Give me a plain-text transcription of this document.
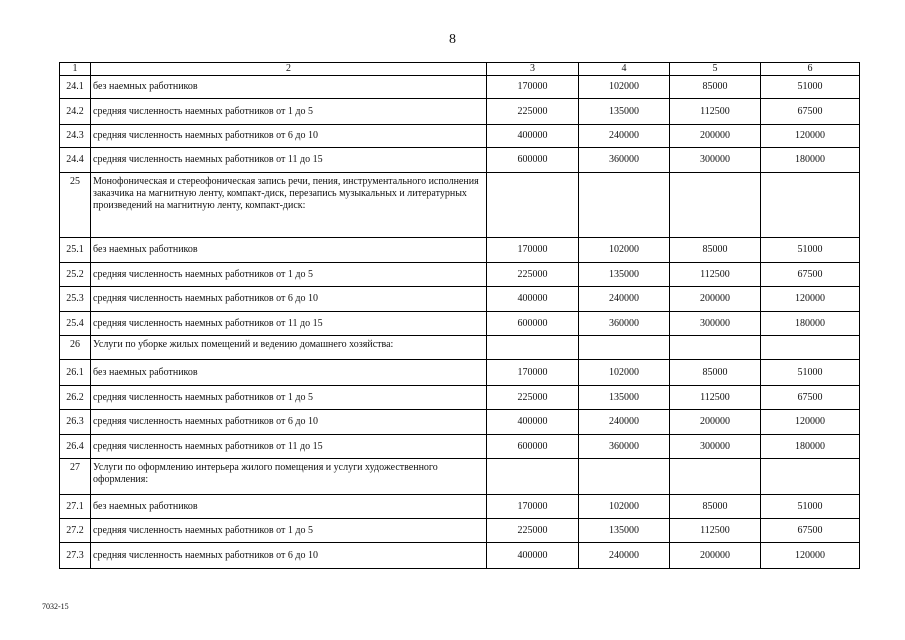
8
1	2	3	4	5	6
24.1	без наемных работников	170000	102000	85000	51000
24.2	средняя численность наемных работников от 1 до 5	225000	135000	112500	67500
24.3	средняя численность наемных работников от 6 до 10	400000	240000	200000	120000
24.4	средняя численность наемных работников от 11 до 15	600000	360000	300000	180000
25	Монофоническая и стереофоническая запись речи, пения, инструментального исполнения заказчика на магнитную ленту, компакт-диск, перезапись музыкальных и литературных произведений на магнитную ленту, компакт-диск:				
25.1	без наемных работников	170000	102000	85000	51000
25.2	средняя численность наемных работников от 1 до 5	225000	135000	112500	67500
25.3	средняя численность наемных работников от 6 до 10	400000	240000	200000	120000
25.4	средняя численность наемных работников от 11 до 15	600000	360000	300000	180000
26	Услуги по уборке жилых помещений и ведению домашнего хозяйства:				
26.1	без наемных работников	170000	102000	85000	51000
26.2	средняя численность наемных работников от 1 до 5	225000	135000	112500	67500
26.3	средняя численность наемных работников от 6 до 10	400000	240000	200000	120000
26.4	средняя численность наемных работников от 11 до 15	600000	360000	300000	180000
27	Услуги по оформлению интерьера жилого помещения и услуги художественного оформления:				
27.1	без наемных работников	170000	102000	85000	51000
27.2	средняя численность наемных работников от 1 до 5	225000	135000	112500	67500
27.3	средняя численность наемных работников от 6 до 10	400000	240000	200000	120000
7032-15
